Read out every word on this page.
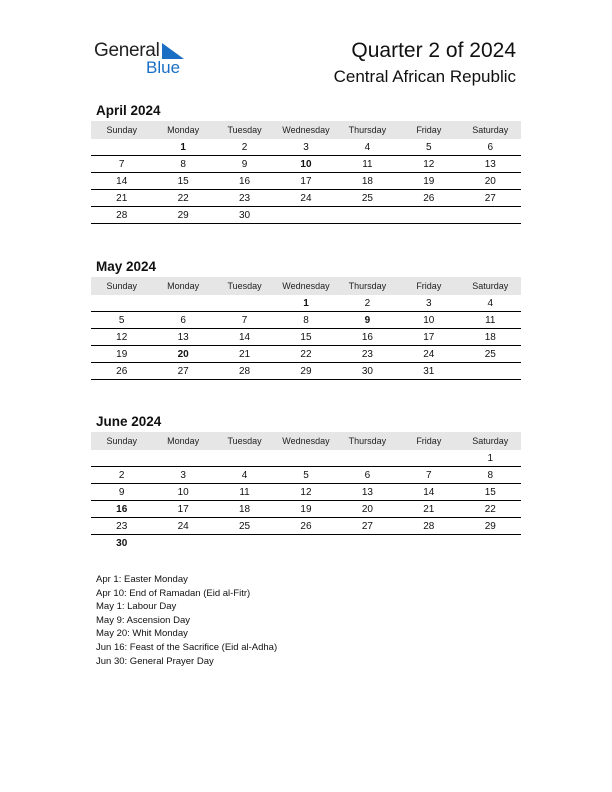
General
Blue
Quarter 2 of 2024
Central African Republic
April 2024
Sunday	Monday	Tuesday	Wednesday	Thursday	Friday	Saturday
	1	2	3	4	5	6
7	8	9	10	11	12	13
14	15	16	17	18	19	20
21	22	23	24	25	26	27
28	29	30				
May 2024
Sunday	Monday	Tuesday	Wednesday	Thursday	Friday	Saturday
			1	2	3	4
5	6	7	8	9	10	11
12	13	14	15	16	17	18
19	20	21	22	23	24	25
26	27	28	29	30	31	
June 2024
Sunday	Monday	Tuesday	Wednesday	Thursday	Friday	Saturday
						1
2	3	4	5	6	7	8
9	10	11	12	13	14	15
16	17	18	19	20	21	22
23	24	25	26	27	28	29
30						
Apr 1: Easter Monday
Apr 10: End of Ramadan (Eid al-Fitr)
May 1: Labour Day
May 9: Ascension Day
May 20: Whit Monday
Jun 16: Feast of the Sacrifice (Eid al-Adha)
Jun 30: General Prayer Day
